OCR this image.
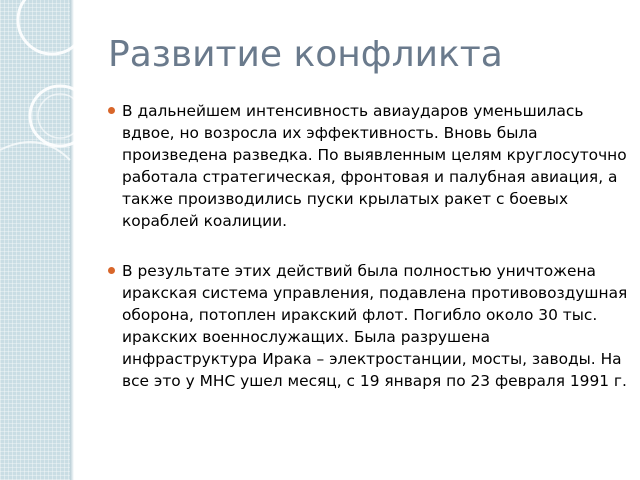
Развитие конфликта

В дальнейшем интенсивность авиаударов уменьшилась вдвое, но возросла их эффективность. Вновь была произведена разведка. По выявленным целям круглосуточно работала стратегическая, фронтовая и палубная авиация, а также производились пуски крылатых ракет с боевых кораблей коалиции.

В результате этих действий была полностью уничтожена иракская система управления, подавлена противовоздушная оборона, потоплен иракский флот. Погибло около 30 тыс. иракских военнослужащих. Была разрушена инфраструктура Ирака – электростанции, мосты, заводы. На все это у МНС ушел месяц, с 19 января по 23 февраля 1991 г.
